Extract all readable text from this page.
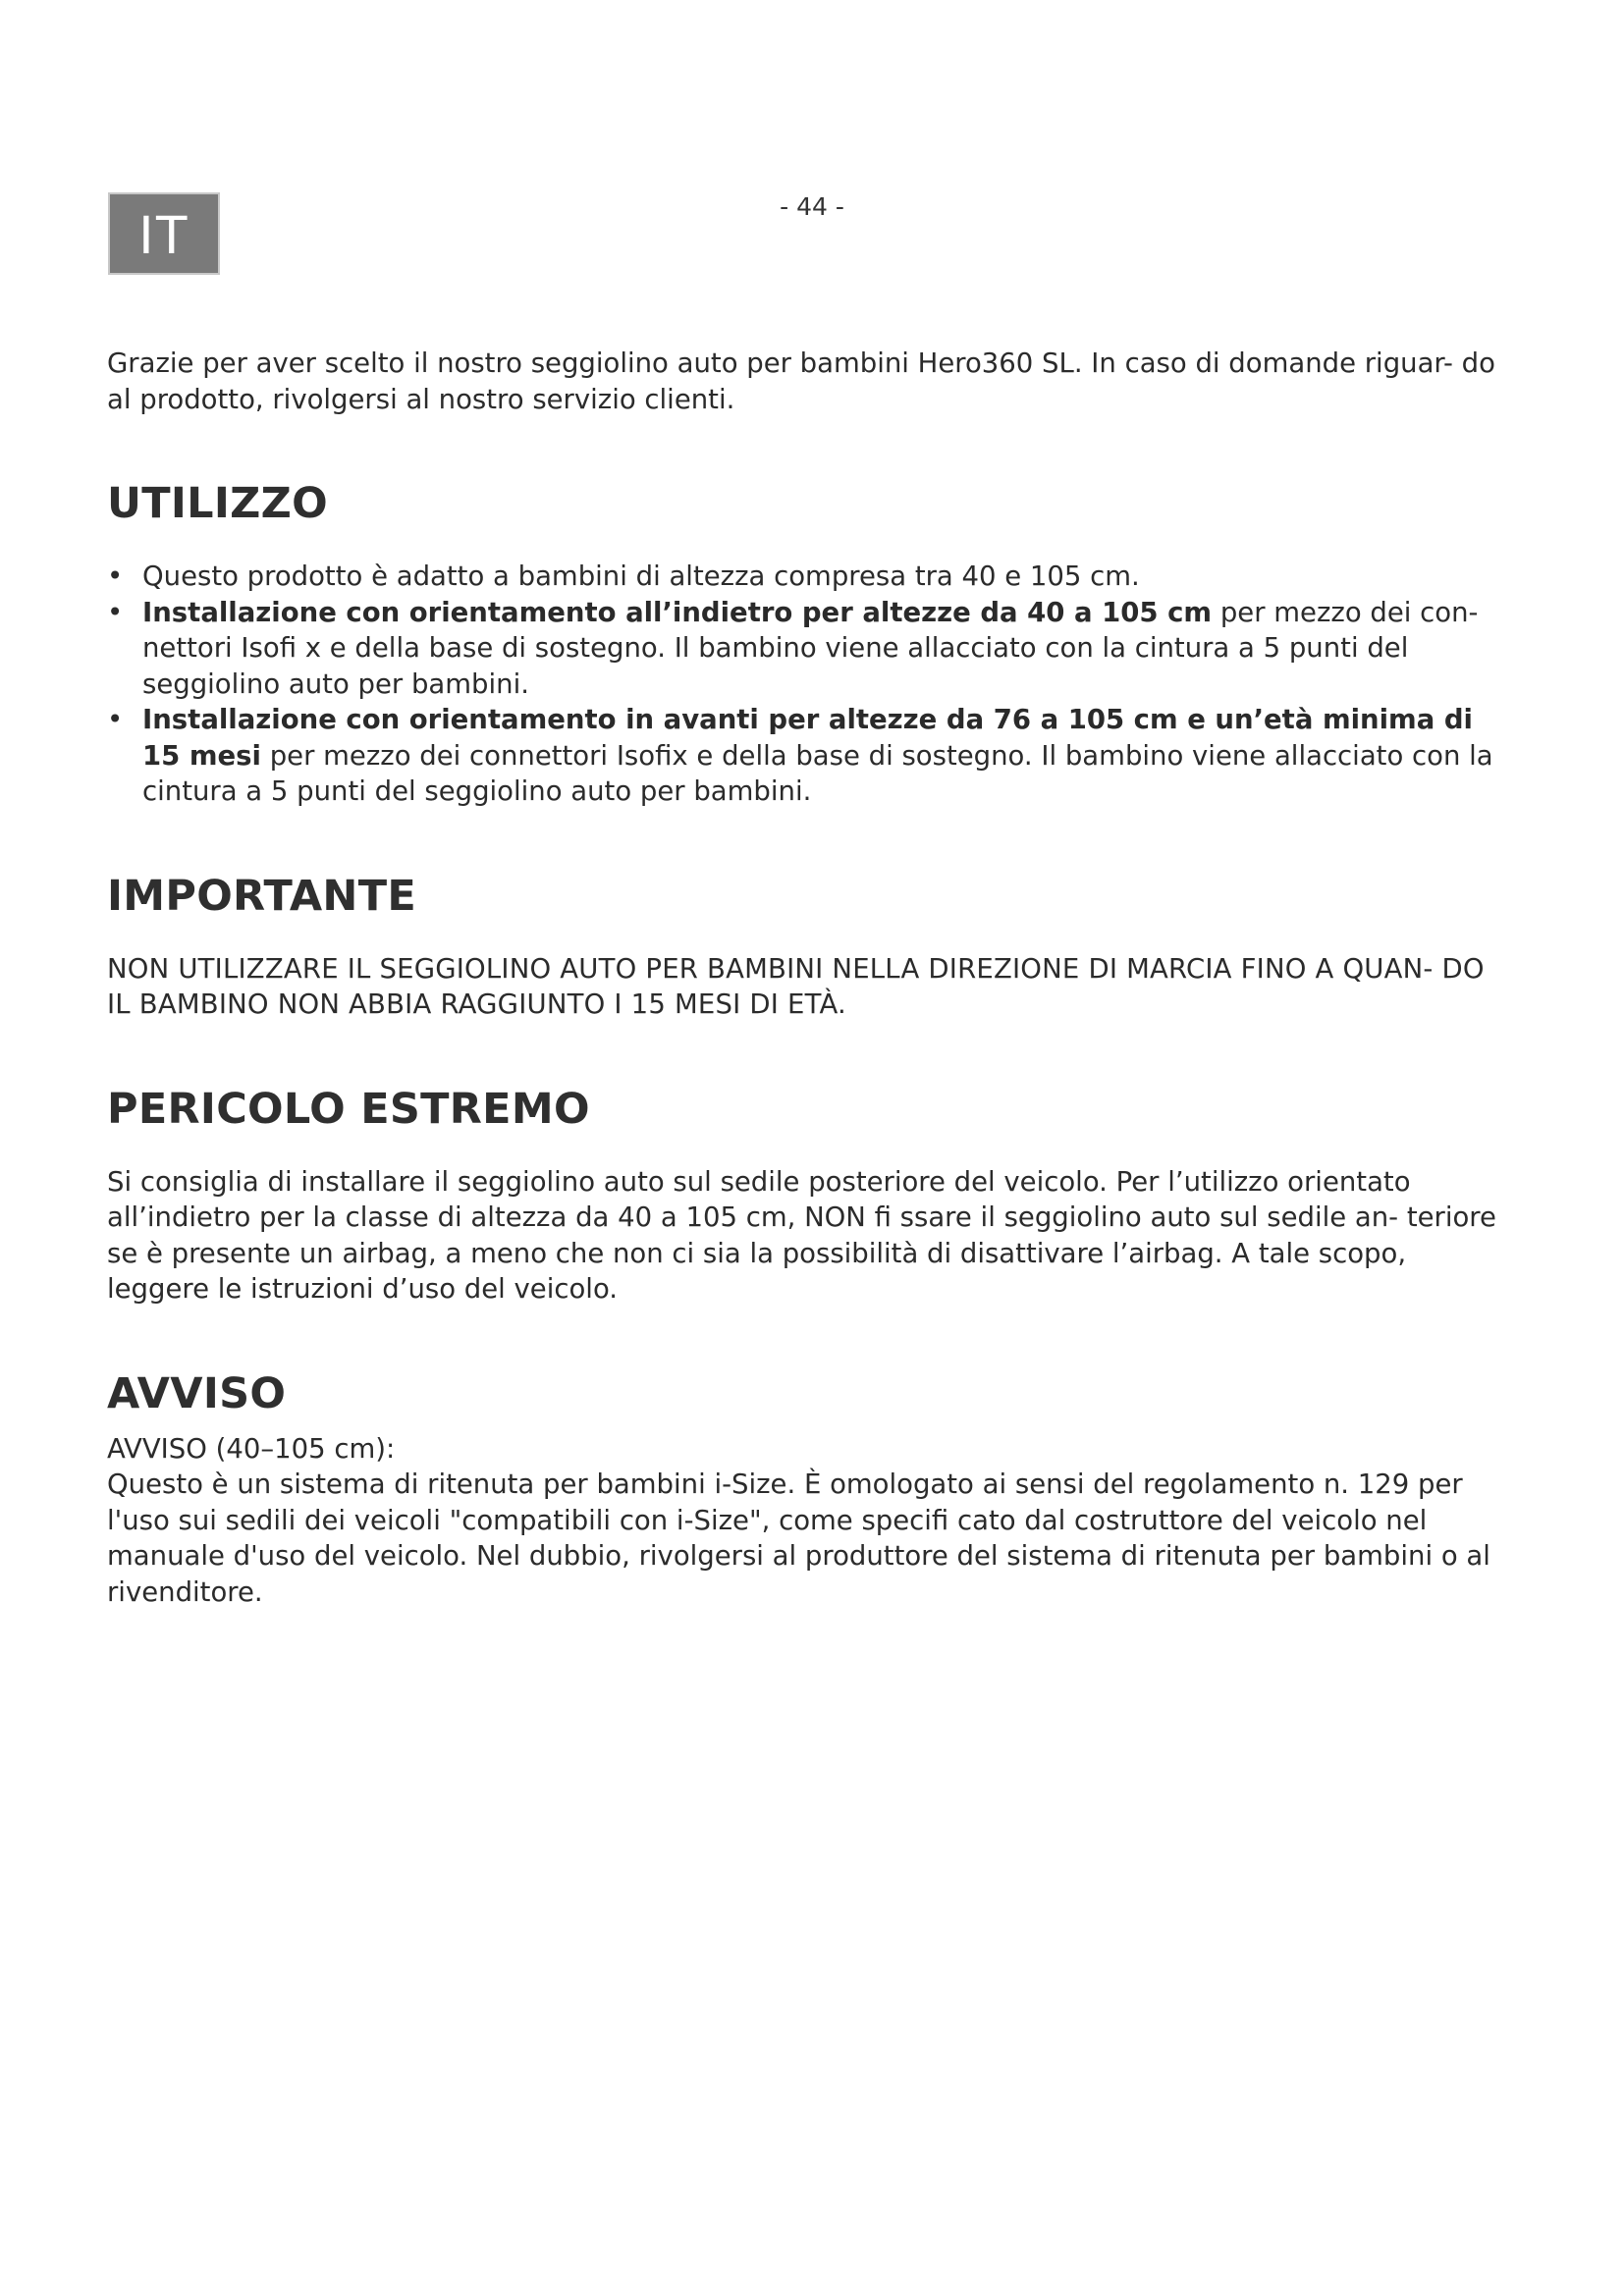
IT	- 44 -

Grazie per aver scelto il nostro seggiolino auto per bambini Hero360 SL. In caso di domande riguar- do al prodotto, rivolgersi al nostro servizio clienti.

UTILIZZO
• Questo prodotto è adatto a bambini di altezza compresa tra 40 e 105 cm.
• Installazione con orientamento all’indietro per altezze da 40 a 105 cm per mezzo dei con- nettori Isofi x e della base di sostegno. Il bambino viene allacciato con la cintura a 5 punti del seggiolino auto per bambini.
• Installazione con orientamento in avanti per altezze da 76 a 105 cm e un’età minima di 15 mesi per mezzo dei connettori Isofix e della base di sostegno. Il bambino viene allacciato con la cintura a 5 punti del seggiolino auto per bambini.
IMPORTANTE

NON UTILIZZARE IL SEGGIOLINO AUTO PER BAMBINI NELLA DIREZIONE DI MARCIA FINO A QUAN- DO IL BAMBINO NON ABBIA RAGGIUNTO I 15 MESI DI ETÀ.

PERICOLO ESTREMO

Si consiglia di installare il seggiolino auto sul sedile posteriore del veicolo. Per l’utilizzo orientato all’indietro per la classe di altezza da 40 a 105 cm, NON fi ssare il seggiolino auto sul sedile an- teriore se è presente un airbag, a meno che non ci sia la possibilità di disattivare l’airbag. A tale scopo, leggere le istruzioni d’uso del veicolo.

AVVISO

AVVISO (40–105 cm):

Questo è un sistema di ritenuta per bambini i-Size. È omologato ai sensi del regolamento n. 129 per l'uso sui sedili dei veicoli "compatibili con i-Size", come specifi cato dal costruttore del veicolo nel manuale d'uso del veicolo. Nel dubbio, rivolgersi al produttore del sistema di ritenuta per bambini o al rivenditore.
